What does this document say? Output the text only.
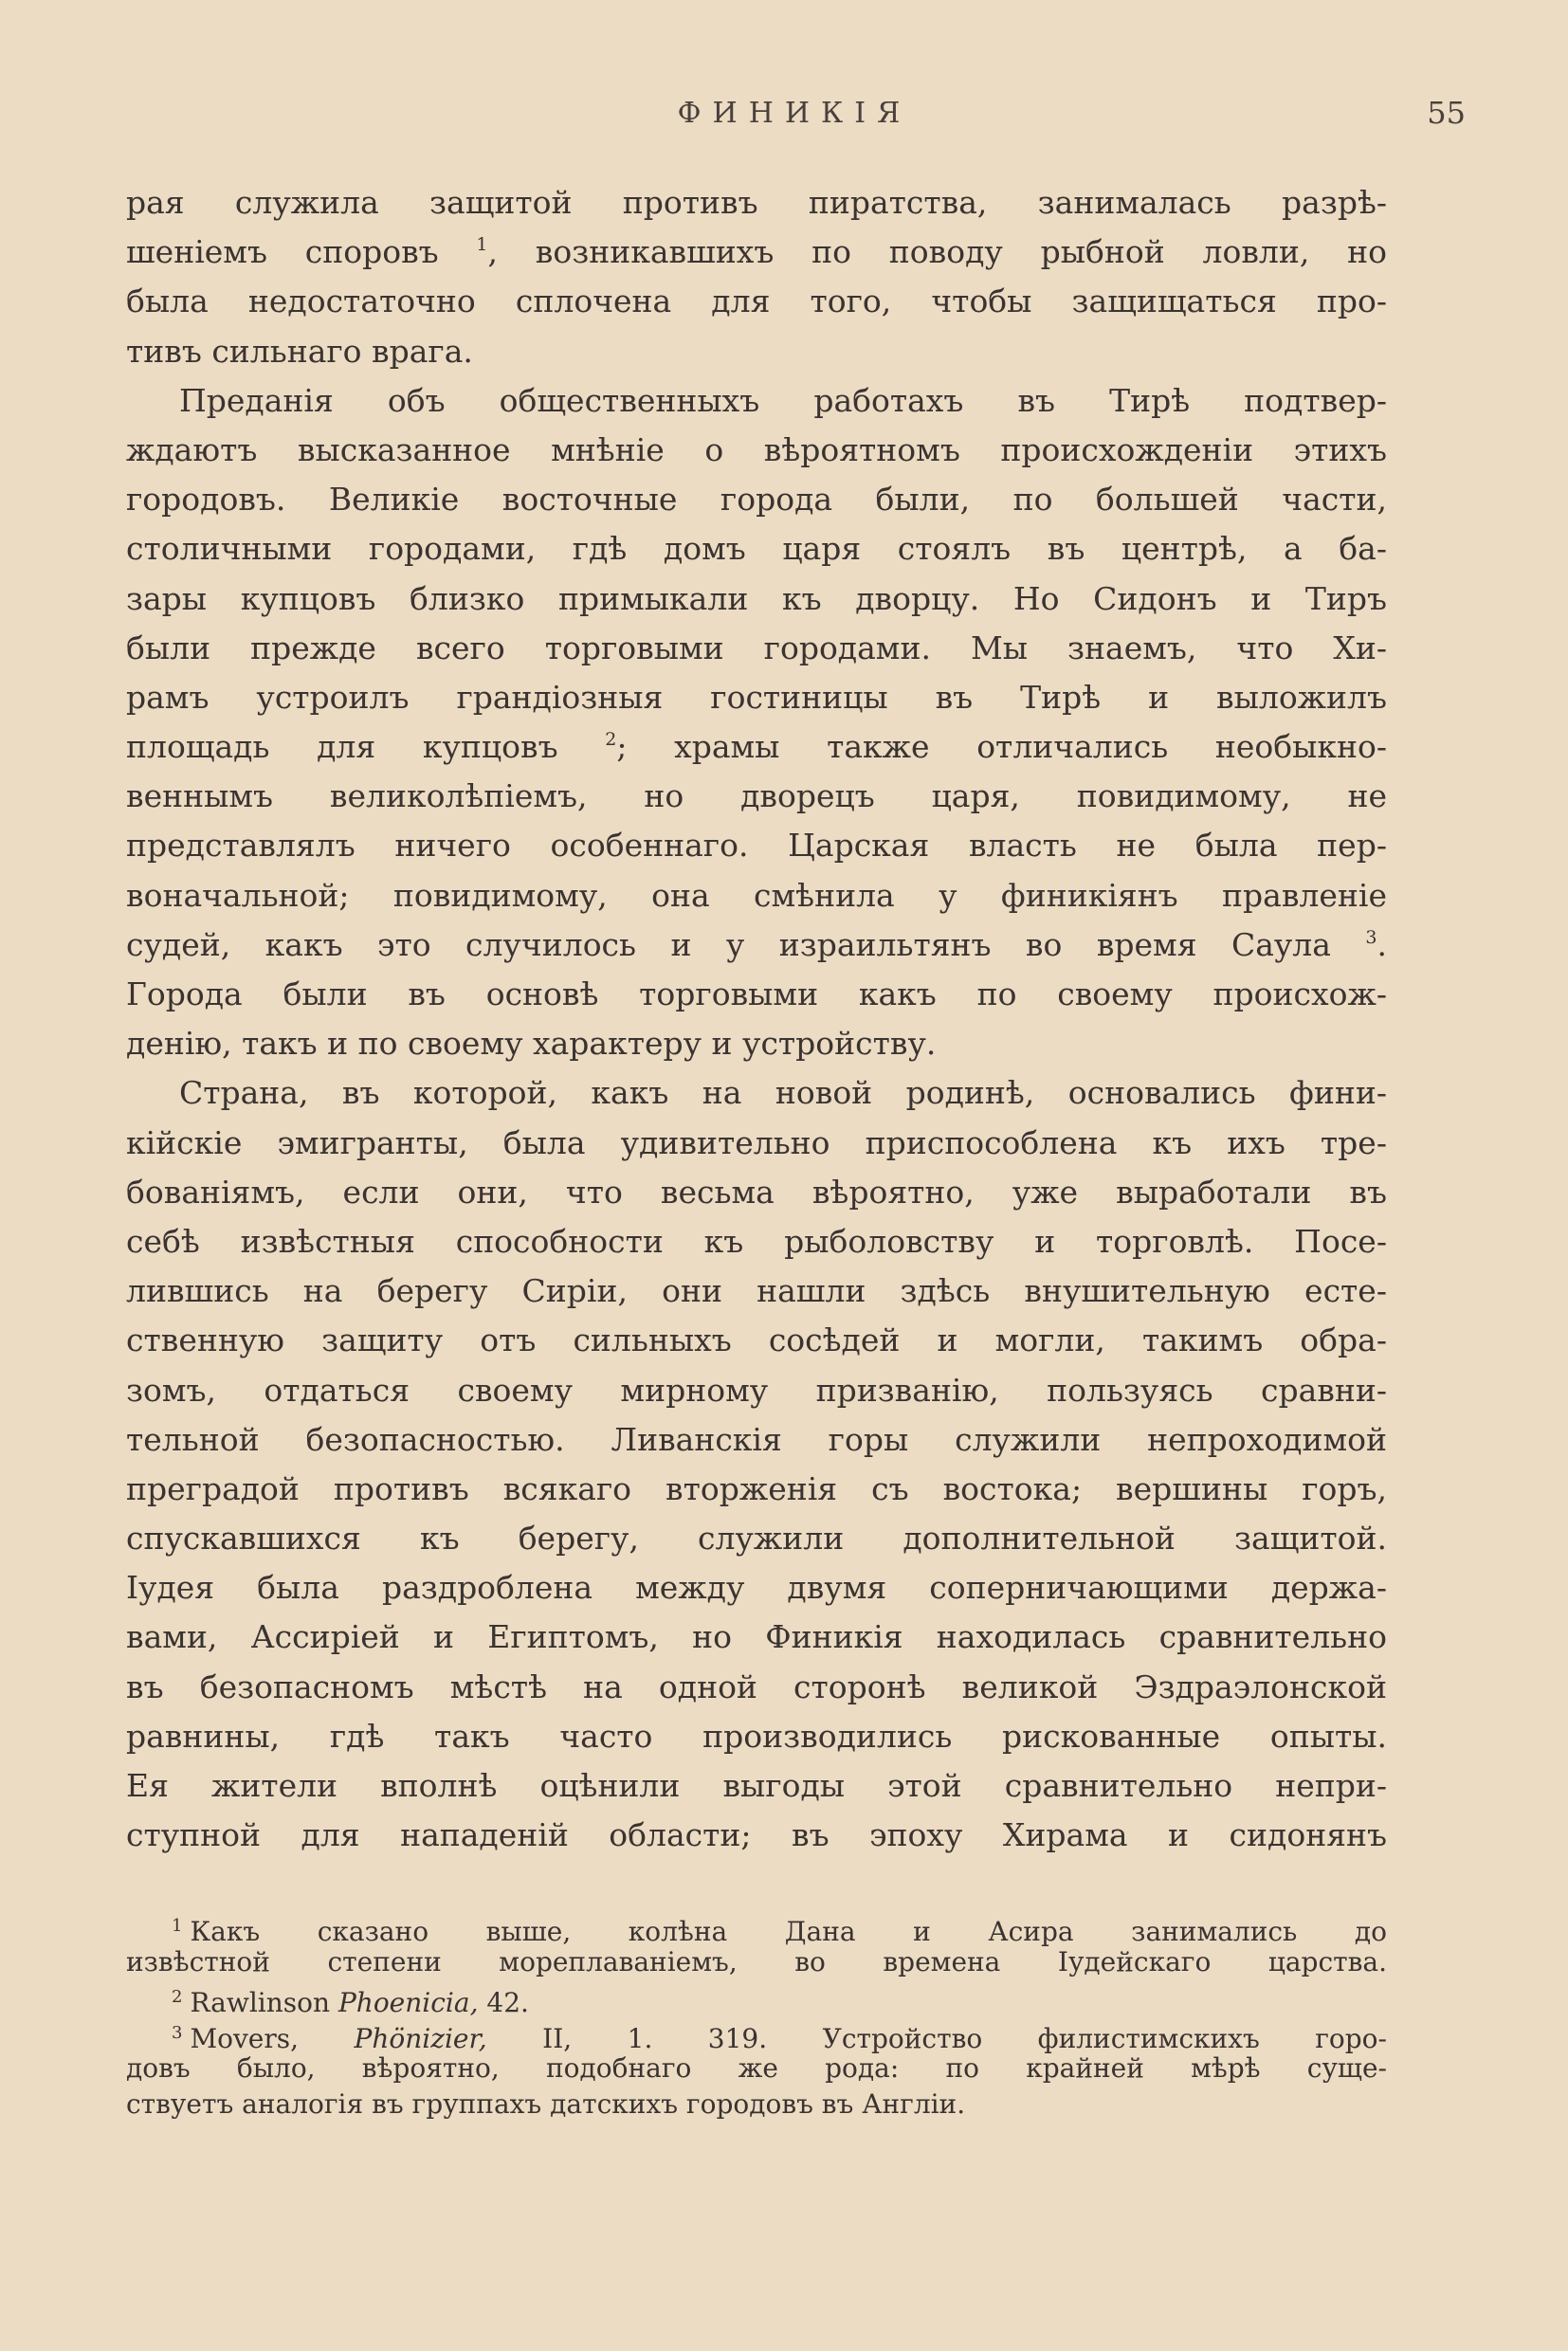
ФИНИКІЯ	55
рая служила защитой противъ пиратства, занималась разрѣ-
шеніемъ споровъ $^1$, возникавшихъ по поводу рыбной ловли, но
была недостаточно сплочена для того, чтобы защищаться про-
тивъ сильнаго врага.
Преданія объ общественныхъ работахъ въ Тирѣ подтвер-
ждаютъ высказанное мнѣніе о вѣроятномъ происхожденіи этихъ
городовъ. Великіе восточные города были, по большей части,
столичными городами, гдѣ домъ царя стоялъ въ центрѣ, а ба-
зары купцовъ близко примыкали къ дворцу. Но Сидонъ и Тиръ
были прежде всего торговыми городами. Мы знаемъ, что Хи-
рамъ устроилъ грандіозныя гостиницы въ Тирѣ и выложилъ
площадь для купцовъ	$^2$; храмы также отличались необыкно-
веннымъ великолѣпіемъ, но дворецъ царя, повидимому, не
представлялъ ничего особеннаго. Царская власть не была пер-
воначальной; повидимому, она смѣнила у финикіянъ правленіе
судей, какъ это случилось и у израильтянъ во время Саула $^3$.
Города были въ основѣ торговыми какъ по своему происхож-
денію, такъ и по своему характеру и устройству.
Страна, въ которой, какъ на новой родинѣ, основались фини-
кійскіе эмигранты, была удивительно приспособлена къ ихъ тре-
бованіямъ, если они, что весьма вѣроятно, уже выработали въ
себѣ извѣстныя способности къ рыболовству и торговлѣ. Посе-
лившись на берегу Сиріи, они нашли здѣсь внушительную есте-
ственную защиту отъ сильныхъ сосѣдей и могли, такимъ обра-
зомъ, отдаться своему мирному призванію, пользуясь сравни-
тельной безопасностью. Ливанскія горы служили непроходимой
преградой противъ всякаго вторженія съ востока; вершины горъ,
спускавшихся къ берегу, служили дополнительной защитой.
Іудея была раздроблена между двумя соперничающими держа-
вами, Ассиріей и Египтомъ, но Финикія находилась сравнительно
въ безопасномъ мѣстѣ на одной сторонѣ великой Эздраэлонской
равнины, гдѣ такъ часто производились рискованные опыты.
Ея жители вполнѣ оцѣнили выгоды этой сравнительно непри-
ступной для нападеній области; въ эпоху Хирама и сидонянъ
$^1$ Какъ сказано выше, колѣна Дана и Асира занимались до
извѣстной степени мореплаваніемъ, во времена Іудейскаго царства.
$^2$ Rawlinson Phoenicia, 42.
$^3$ Movers, Phönizier, II, 1. 319. Устройство филистимскихъ горо-
довъ было, вѣроятно, подобнаго же рода: по крайней мѣрѣ суще-
ствуетъ аналогія въ группахъ датскихъ городовъ въ Англіи.
